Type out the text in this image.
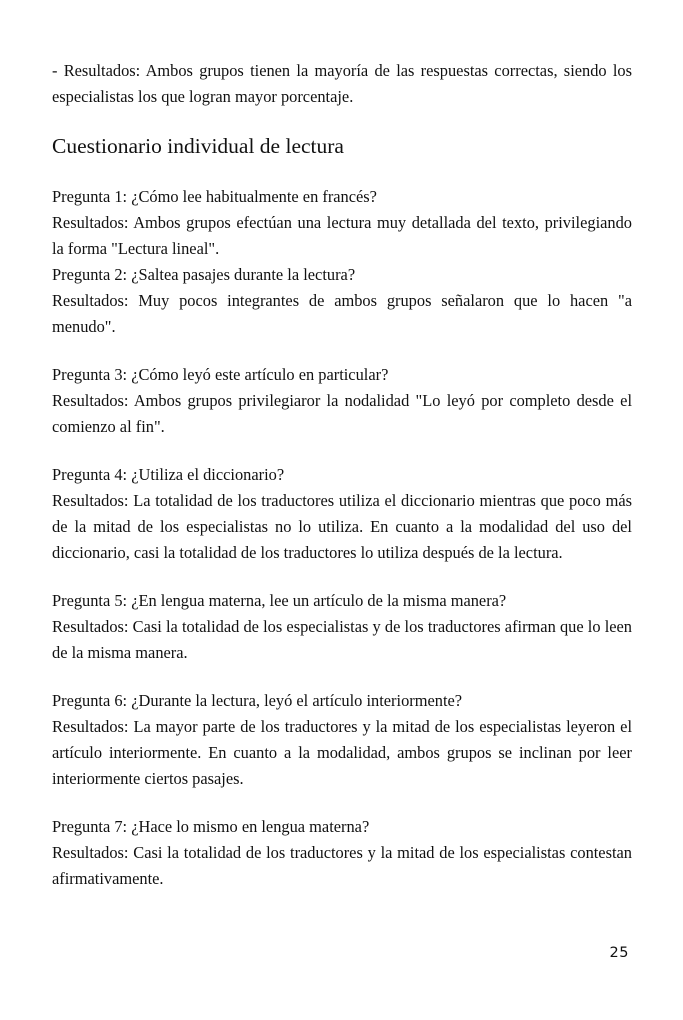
- Resultados: Ambos grupos tienen la mayoría de las respuestas correctas, siendo los especialistas los que logran mayor porcentaje.

Cuestionario individual de lectura
Pregunta 1: ¿Cómo lee habitualmente en francés?
Resultados: Ambos grupos efectúan una lectura muy detallada del texto, privilegiando la forma "Lectura lineal".
Pregunta 2: ¿Saltea pasajes durante la lectura?
Resultados: Muy pocos integrantes de ambos grupos señalaron que lo hacen "a menudo".
Pregunta 3: ¿Cómo leyó este artículo en particular?
Resultados: Ambos grupos privilegiaror la nodalidad "Lo leyó por completo desde el comienzo al fin".
Pregunta 4: ¿Utiliza el diccionario?
Resultados: La totalidad de los traductores utiliza el diccionario mientras que poco más de la mitad de los especialistas no lo utiliza. En cuanto a la modalidad del uso del diccionario, casi la totalidad de los traductores lo utiliza después de la lectura.
Pregunta 5: ¿En lengua materna, lee un artículo de la misma manera?
Resultados: Casi la totalidad de los especialistas y de los traductores afirman que lo leen de la misma manera.
Pregunta 6: ¿Durante la lectura, leyó el artículo interiormente?
Resultados: La mayor parte de los traductores y la mitad de los especialistas leyeron el artículo interiormente. En cuanto a la modalidad, ambos grupos se inclinan por leer interiormente ciertos pasajes.
Pregunta 7: ¿Hace lo mismo en lengua materna?
Resultados: Casi la totalidad de los traductores y la mitad de los especialistas contestan afirmativamente.
25
